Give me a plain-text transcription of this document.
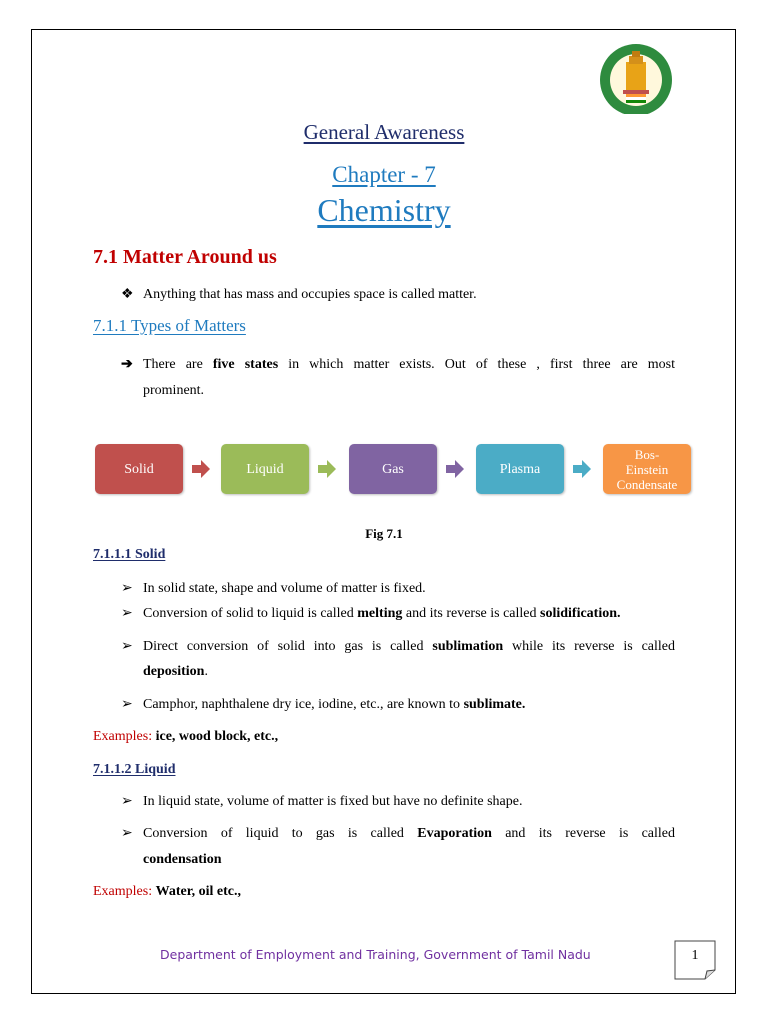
General Awareness
Chapter - 7
Chemistry
7.1 Matter Around us
❖ Anything that has mass and occupies space is called matter.
7.1.1 Types of Matters
➔ There are five states in which matter exists. Out of these , first three are most
prominent.
Solid	Liquid	Gas	Plasma
Bos-
Einstein
Condensate
Fig 7.1
7.1.1.1 Solid
➢ In solid state, shape and volume of matter is fixed.
➢ Conversion of solid to liquid is called melting and its reverse is called solidification.
➢ Direct conversion of solid into gas is called sublimation while its reverse is called
deposition.
➢ Camphor, naphthalene dry ice, iodine, etc., are known to sublimate.
Examples: ice, wood block, etc.,
7.1.1.2 Liquid
➢ In liquid state, volume of matter is fixed but have no definite shape.
➢ Conversion of liquid to gas is called Evaporation and its reverse is called
condensation
Examples: Water, oil etc.,
Department of Employment and Training, Government of Tamil Nadu	1
